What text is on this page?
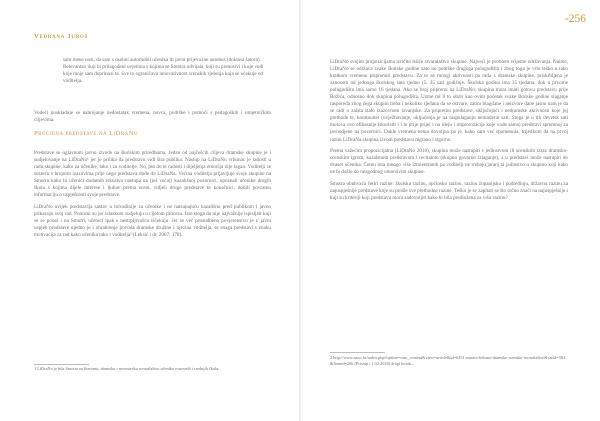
Vedrana Juroš

sam mene nosi, da sam s osobni automobil učenika iti javni prijevozne autobus (doktora šatora). Relevantan iluji bi prilagođeni uvjetima s kojima se Smotra odvijala, koji su prenosivi i koje vodi koje moje sam doprinosi te. Sve to ograničava innovativnost scenskih rješenja koja se očekuje od voditelja.

Vodeći poskladuje se nabrojanje nedostatak vremena, novca, podrške i pomoći s pedagoških i umjetničkim ciljevima.

Procjena predstave na LiDraNu

Predstave se uglavnom javno izvode na školskim priredbama. Jedan od najčešćih ciljeva dramske skupine je i sudjelovanje na LiDraNu¹ jer je prilika da predstavu vidi šira publika. Nastup na LiDraNu vrhunac je radosti u radu skupine, kako za učenike, tako i za voditelje. No, put do te radosti i dijeljenja emocija nije lagan. Voditelji se susreću s brojnim izazovima prije nego predstava dođe do LiDraNa. Većina voditelja prijavljuje svoje skupine na Smotru kako bi učenici dodatnih iskustvo nastupa na (još većoj) kazališnoj pozornici, upoznali učenike drugih škola s kojima dijele interese i ljubav prema sceni, vidjeli druge predstave te konačnici, dobili povratnu informaciju o uspješnosti svoje predstave.

LiDraNo uvijek predstavlja sastav u tolvadinije za učenike i ne natsupajuću kazališnu pred publikom i javno prikazuju svoj rad. Ponosni su jer izlaskom sudjeluju u cijelom procesu. Isto stoga da nije najvažnije ispisljati koji se se posuš i na Smotri, učenici ipak s nestrpljivošću iščekuju. Jer se već prosudbeno povjerenstvo je s' javni uspjeh predstave ujedno je i ohrabrenje povoda dramske družine i njezina voditelja, se snaga predstavi s znaku motivacija za rad kako učenika tako i voditelja² (Leksić i dr. 2007: 178).

1 LiDraNo je bila Smotra za literarnu, dramsku i novinarsku stvaralaštvo učenika osnovnih i srednjih škola.
-256

LiDraNo svojim propozicijama izričito ističe stvaralaštvo skupine. Najveći je problem vrijeme održavanja. Naime, LiDraNo se održava svake školske godine zato no podrške drugoga polugodišta i zbog toga je vrlo teško u tako kratkom vremenu pripremiti predstavu. Za to se mnogi aktivnosti pa rada s dramske skupine, priskrbljena je zanosom od jednoga školskog sata tjedno (5. 35 sati godišnje. Školska godina ima 35 tjedana, dok u prvome polugodištu ima samo 16 tjedana. Ako se broj pripremi na LiDraNo, skupina mora imati gotovu predstavu prije Božića, odnosno dok skupina polugodišta. Uzme mi li to obzir kao ovim početak svake školske godine slaganje rasporeda zbog čega skupini treba i nekoliko tjedana da se ostvare, zatim blagdane i neizvore dane jasno nam je da se radi o zaista stalo izazovnom izvanjske. Za pripremu predstave, uključujući i nedramske aktivnosti koje joj prethode te, kontinuitet (uvježbavanje, uključenja je na raspolaganju nemoderat sati. Stoga je u tih devetsk sati motova ovo efikasnije iskoristit i i te prije prijei i na ideju i improvizacije koje vode samoj predstavi spremnoj za javnodjene na pozornici. Dakle vremena nema dovoljno pa je, kako sam već spomenula, trijedkom da na prvoj razini LiDraNa skupina izvodi predstavu nigrano i sigurno.

Prema važećim propozicijama (LiDraNo 2016), skupina može nastupiti s jedinstvom ili scenskim izraz dramsko-scenskim igrom, kazalsnom predstavom i recitalom (skupno govorno izlaganje), a u predstavi može nastupiti do dvaset učenika. Čemu ima mnogo više izmientranih pa voditelji ne trebaju jaranj ta jedinstvo u skupinu koji kako ne bi došlo do nezgodnog umorsivim skupine.

Smotra obuhvaća četiri razine: školsku razinu, općinsku razinu, razinu županijsku i podredinju, državnu razinu za najuspješnije predstave koje su prošle sve prethodne razine. Teško je se zapitati se što točno znači na najuspješnije i koji su kriteriji koji predstavu mora zadovoljiti kako bi bila predložena za višu razinu?

2 http://www.azoo.hr/index.php?option=com_content&view=article&id=6351:smotra-lidrano-dramsko-scensko-stvaralaštvo&catid=384&Itemid=206 (Pristup i 1.02.2018) drugi korak...
